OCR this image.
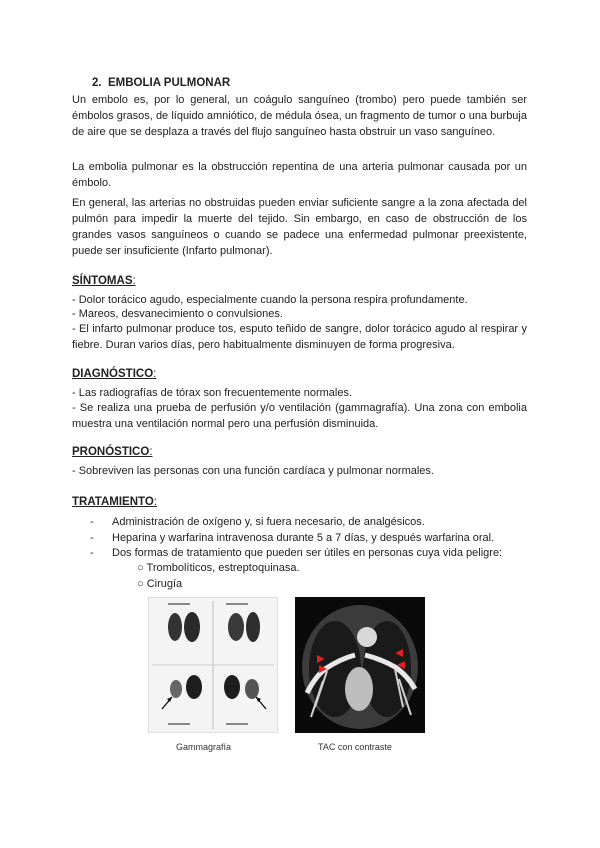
2. EMBOLIA PULMONAR
Un embolo es, por lo general, un coágulo sanguíneo (trombo) pero puede también ser émbolos grasos, de líquido amniótico, de médula ósea, un fragmento de tumor o una burbuja de aire que se desplaza a través del flujo sanguíneo hasta obstruir un vaso sanguíneo.
La embolia pulmonar es la obstrucción repentina de una arteria pulmonar causada por un émbolo.
En general, las arterias no obstruidas pueden enviar suficiente sangre a la zona afectada del pulmón para impedir la muerte del tejido. Sin embargo, en caso de obstrucción de los grandes vasos sanguíneos o cuando se padece una enfermedad pulmonar preexistente, puede ser insuficiente (Infarto pulmonar).
SÍNTOMAS:
- Dolor torácico agudo, especialmente cuando la persona respira profundamente.
- Mareos, desvanecimiento o convulsiones.
- El infarto pulmonar produce tos, esputo teñido de sangre, dolor torácico agudo al respirar y fiebre. Duran varios días, pero habitualmente disminuyen de forma progresiva.
DIAGNÓSTICO:
- Las radiografías de tórax son frecuentemente normales.
- Se realiza una prueba de perfusión y/o ventilación (gammagrafía). Una zona con embolia muestra una ventilación normal pero una perfusión disminuida.
PRONÓSTICO:
- Sobreviven las personas con una función cardíaca y pulmonar normales.
TRATAMIENTO:
- Administración de oxígeno y, si fuera necesario, de analgésicos.
- Heparina y warfarina intravenosa durante 5 a 7 días, y después warfarina oral.
- Dos formas de tratamiento que pueden ser útiles en personas cuya vida peligre:
○ Trombolíticos, estreptoquinasa.
○ Cirugía
Gammagrafía	TAC con contraste
